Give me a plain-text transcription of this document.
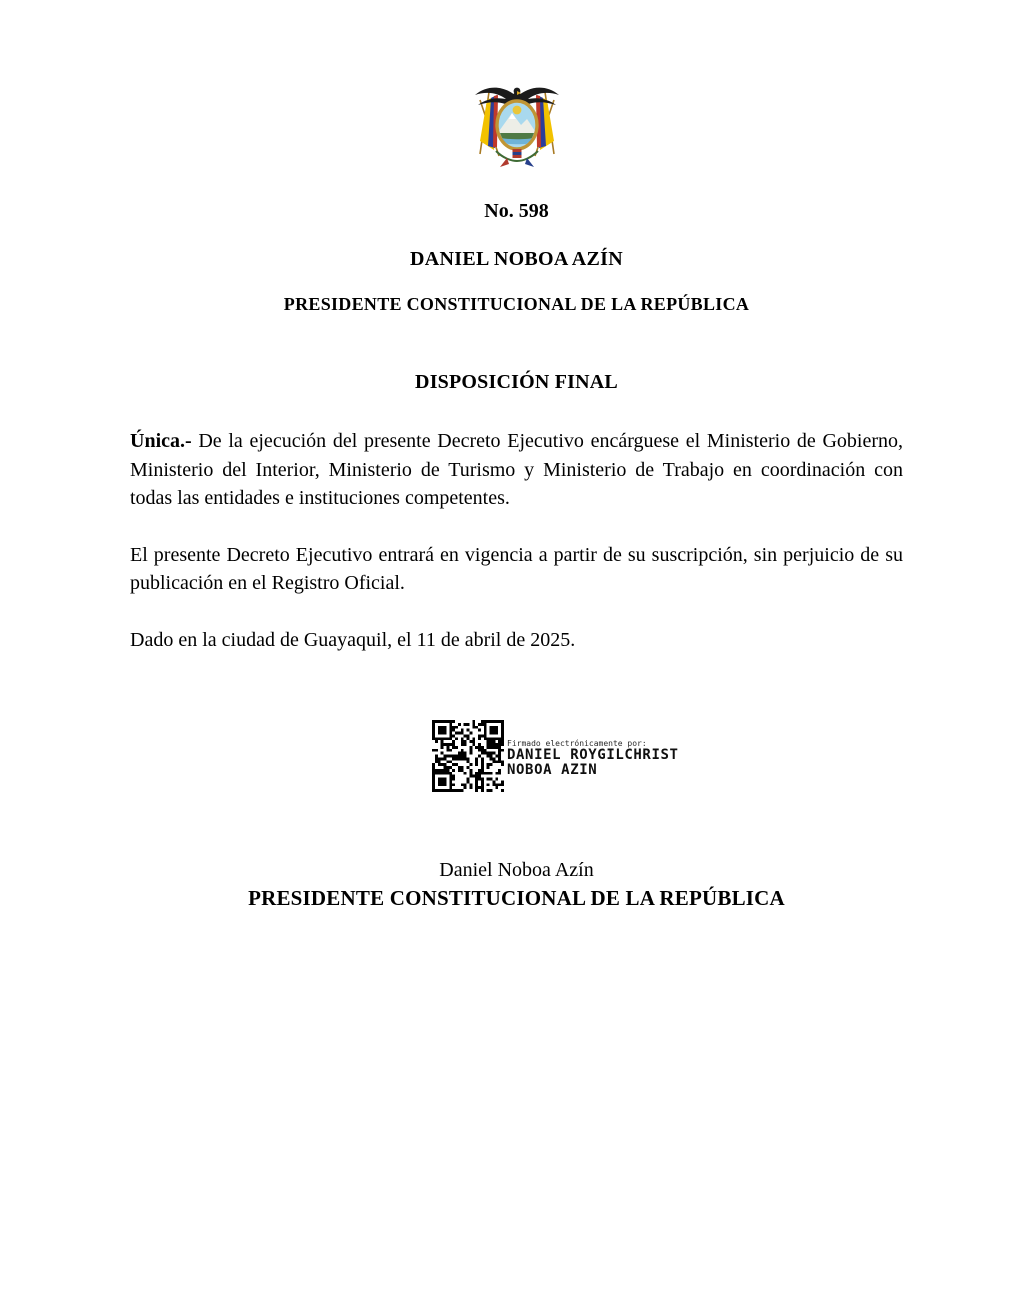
No. 598
DANIEL NOBOA AZÍN
PRESIDENTE CONSTITUCIONAL DE LA REPÚBLICA
DISPOSICIÓN FINAL

Única.- De la ejecución del presente Decreto Ejecutivo encárguese el Ministerio de Gobierno, Ministerio del Interior, Ministerio de Turismo y Ministerio de Trabajo en coordinación con todas las entidades e instituciones competentes.

El presente Decreto Ejecutivo entrará en vigencia a partir de su suscripción, sin perjuicio de su publicación en el Registro Oficial.

Dado en la ciudad de Guayaquil, el 11 de abril de 2025.

Firmado electrónicamente por:
DANIEL ROYGILCHRIST
NOBOA AZIN
Daniel Noboa Azín
PRESIDENTE CONSTITUCIONAL DE LA REPÚBLICA
